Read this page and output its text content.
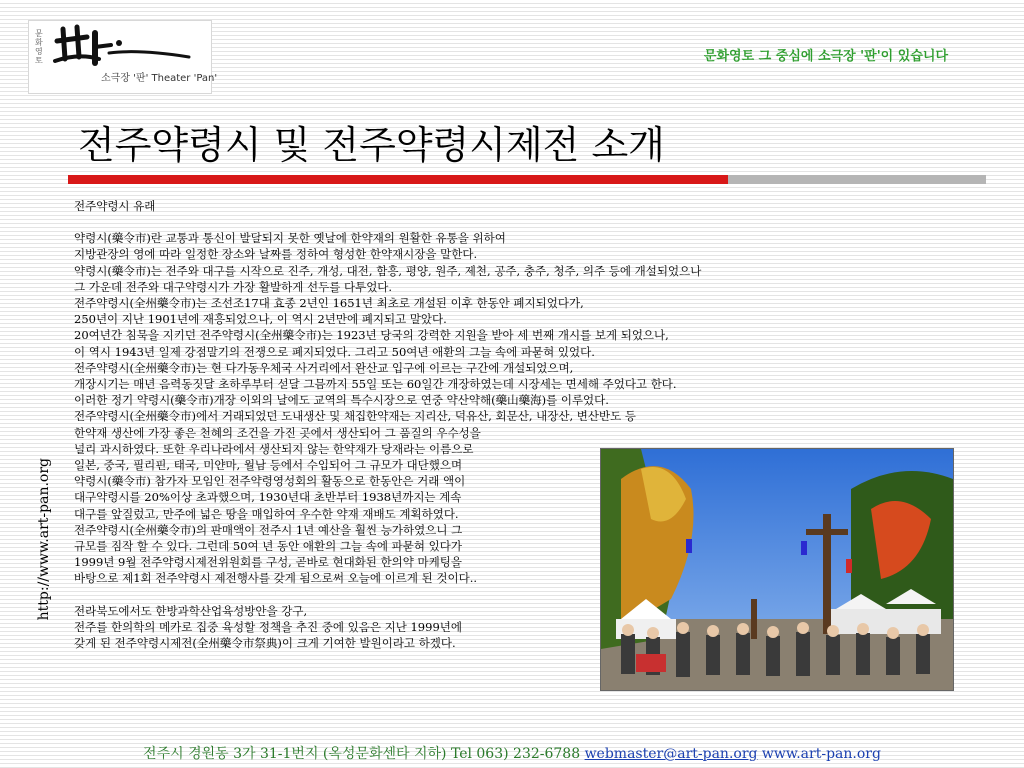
문화영토
소극장 '판' Theater 'Pan'
문화영토 그 중심에 소극장 '판'이 있습니다
전주약령시 및 전주약령시제전 소개
http://www.art-pan.org

전주약령시 유래

약령시(藥令市)란 교통과 통신이 발달되지 못한 옛날에 한약재의 원활한 유통을 위하여

지방관장의 영에 따라 일정한 장소와 날짜를 정하여 형성한 한약재시장을 말한다.

약령시(藥令市)는 전주와 대구를 시작으로 진주, 개성, 대전, 함흥, 평양, 원주, 제천, 공주, 충주, 청주, 의주 등에 개설되었으나

그 가운데 전주와 대구약령시가 가장 활발하게 선두를 다투었다.

전주약령시(全州藥令市)는 조선조17대 효종 2년인 1651년 최초로 개설된 이후 한동안 폐지되었다가,

250년이 지난 1901년에 재흥되었으나, 이 역시 2년만에 폐지되고 말았다.

20여년간 침묵을 지키던 전주약령시(全州藥令市)는 1923년 당국의 강력한 지원을 받아 세 번째 개시를 보게 되었으나,

이 역시 1943년 일제 강점말기의 전쟁으로 폐지되었다. 그리고 50여년 애환의 그늘 속에 파묻혀 있었다.

전주약령시(全州藥令市)는 현 다가동우체국 사거리에서 완산교 입구에 이르는 구간에 개설되었으며,

개장시기는 매년 음력동짓달 초하루부터 섣달 그믐까지 55일 또는 60일간 개장하였는데 시장세는 면세해 주었다고 한다.

이러한 정기 약령시(藥令市)개장 이외의 날에도 교역의 특수시장으로 연중 약산약해(藥山藥海)를 이루었다.

전주약령시(全州藥令市)에서 거래되었던 도내생산 및 채집한약재는 지리산, 덕유산, 회문산, 내장산, 변산반도 등

한약재 생산에 가장 좋은 천혜의 조건을 가진 곳에서 생산되어 그 품질의 우수성을

널리 과시하였다. 또한 우리나라에서 생산되지 않는 한약재가 당재라는 이름으로

일본, 중국, 필리핀, 태국, 미얀마, 월남 등에서 수입되어 그 규모가 대단했으며

약령시(藥令市) 참가자 모임인 전주약령영성회의 활동으로 한동안은 거래 액이

대구약령시를 20%이상 초과했으며, 1930년대 초반부터 1938년까지는 계속

대구를 앞질렀고, 만주에 넓은 땅을 매입하여 우수한 약재 재배도 계획하였다.

전주약령시(全州藥令市)의 판매액이 전주시 1년 예산을 훨씬 능가하였으니 그

규모를 짐작 할 수 있다. 그런데 50여 년 동안 애환의 그늘 속에 파묻혀 있다가

1999년 9월 전주약령시제전위원회를 구성, 곧바로 현대화된 한의약 마케팅을

바탕으로 제1회 전주약령시 제전행사를 갖게 됨으로써 오늘에 이르게 된 것이다..

전라북도에서도 한방과학산업육성방안을 강구,

전주를 한의학의 메카로 집중 육성할 정책을 추진 중에 있음은 지난 1999년에

갖게 된 전주약령시제전(全州藥令市祭典)이 크게 기여한 발원이라고 하겠다.

전주시 경원동 3가 31-1번지 (옥성문화센타 지하) Tel 063) 232-6788 webmaster@art-pan.org www.art-pan.org
